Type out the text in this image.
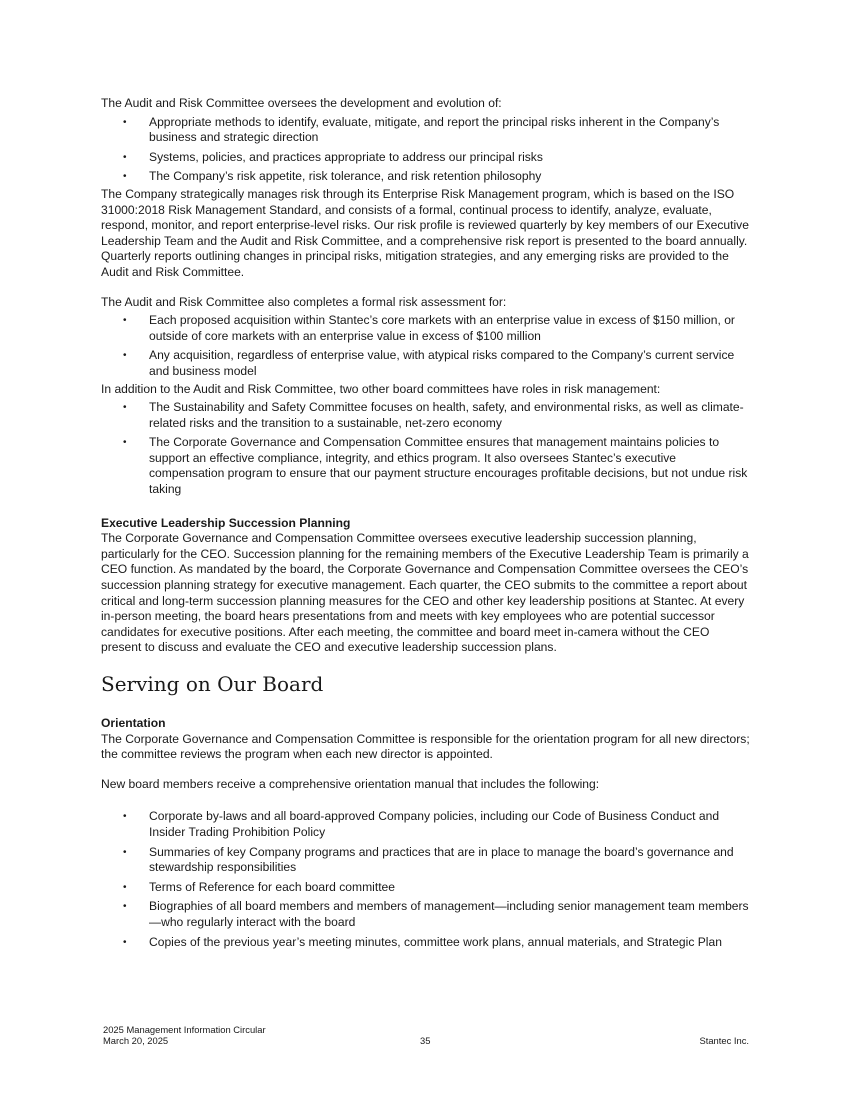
The Audit and Risk Committee oversees the development and evolution of:

• Appropriate methods to identify, evaluate, mitigate, and report the principal risks inherent in the Company’s business and strategic direction
• Systems, policies, and practices appropriate to address our principal risks
• The Company’s risk appetite, risk tolerance, and risk retention philosophy

The Company strategically manages risk through its Enterprise Risk Management program, which is based on the ISO 31000:2018 Risk Management Standard, and consists of a formal, continual process to identify, analyze, evaluate, respond, monitor, and report enterprise-level risks. Our risk profile is reviewed quarterly by key members of our Executive Leadership Team and the Audit and Risk Committee, and a comprehensive risk report is presented to the board annually. Quarterly reports outlining changes in principal risks, mitigation strategies, and any emerging risks are provided to the Audit and Risk Committee.

The Audit and Risk Committee also completes a formal risk assessment for:

• Each proposed acquisition within Stantec’s core markets with an enterprise value in excess of $150 million, or outside of core markets with an enterprise value in excess of $100 million
• Any acquisition, regardless of enterprise value, with atypical risks compared to the Company’s current service and business model

In addition to the Audit and Risk Committee, two other board committees have roles in risk management:

• The Sustainability and Safety Committee focuses on health, safety, and environmental risks, as well as climate-related risks and the transition to a sustainable, net-zero economy
• The Corporate Governance and Compensation Committee ensures that management maintains policies to support an effective compliance, integrity, and ethics program. It also oversees Stantec’s executive compensation program to ensure that our payment structure encourages profitable decisions, but not undue risk taking

Executive Leadership Succession Planning

The Corporate Governance and Compensation Committee oversees executive leadership succession planning, particularly for the CEO. Succession planning for the remaining members of the Executive Leadership Team is primarily a CEO function. As mandated by the board, the Corporate Governance and Compensation Committee oversees the CEO’s succession planning strategy for executive management. Each quarter, the CEO submits to the committee a report about critical and long-term succession planning measures for the CEO and other key leadership positions at Stantec. At every in-person meeting, the board hears presentations from and meets with key employees who are potential successor candidates for executive positions. After each meeting, the committee and board meet in-camera without the CEO present to discuss and evaluate the CEO and executive leadership succession plans.

Serving on Our Board

Orientation

The Corporate Governance and Compensation Committee is responsible for the orientation program for all new directors; the committee reviews the program when each new director is appointed.

New board members receive a comprehensive orientation manual that includes the following:

• Corporate by-laws and all board-approved Company policies, including our Code of Business Conduct and Insider Trading Prohibition Policy
• Summaries of key Company programs and practices that are in place to manage the board’s governance and stewardship responsibilities
• Terms of Reference for each board committee
• Biographies of all board members and members of management—including senior management team members—who regularly interact with the board
• Copies of the previous year’s meeting minutes, committee work plans, annual materials, and Strategic Plan
2025 Management Information Circular
March 20, 2025	35	Stantec Inc.
